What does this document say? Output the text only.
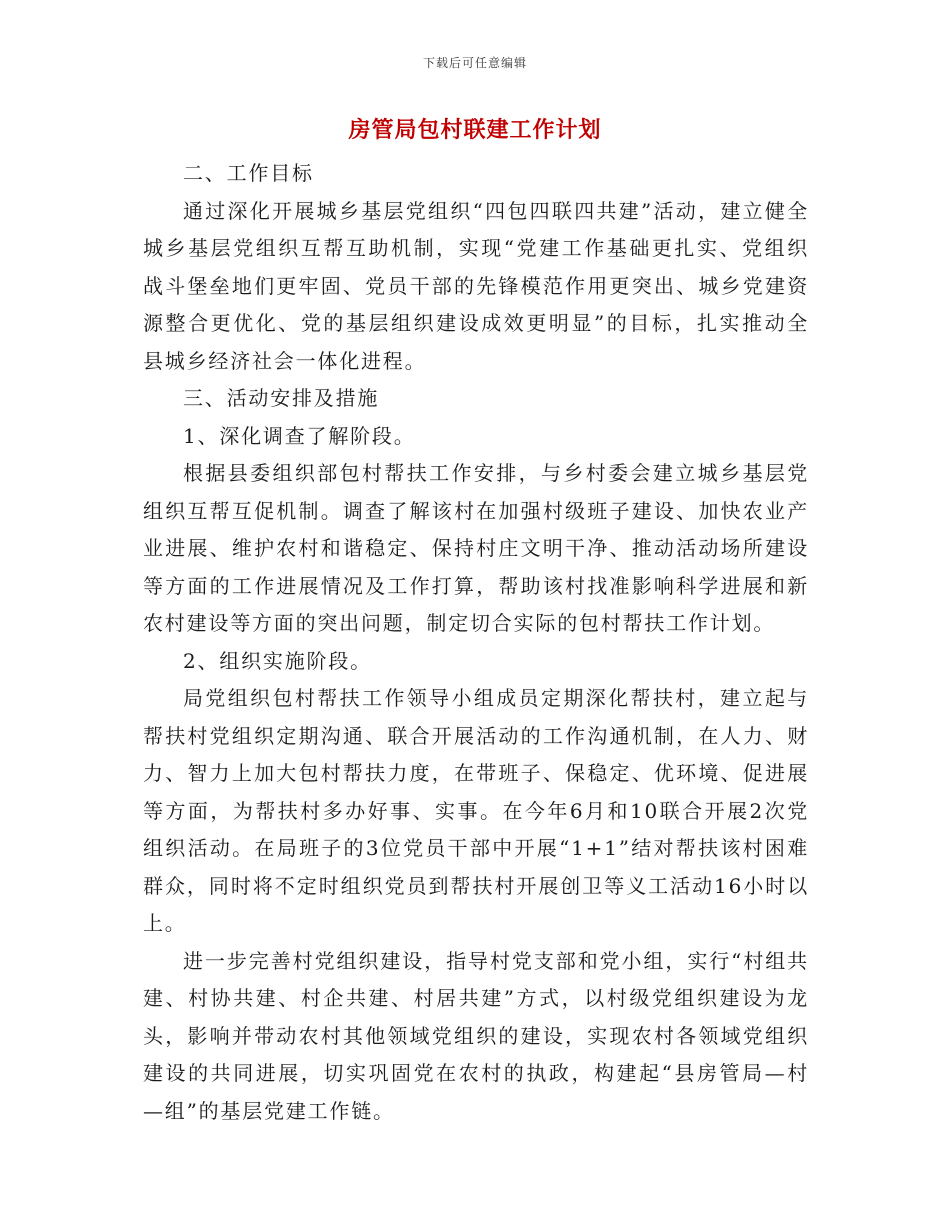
下载后可任意编辑
房管局包村联建工作计划

二、工作目标

通过深化开展城乡基层党组织“四包四联四共建”活动，建立健全城乡基层党组织互帮互助机制，实现“党建工作基础更扎实、党组织战斗堡垒地们更牢固、党员干部的先锋模范作用更突出、城乡党建资源整合更优化、党的基层组织建设成效更明显”的目标，扎实推动全县城乡经济社会一体化进程。

三、活动安排及措施

1、深化调查了解阶段。

根据县委组织部包村帮扶工作安排，与乡村委会建立城乡基层党组织互帮互促机制。调查了解该村在加强村级班子建设、加快农业产业进展、维护农村和谐稳定、保持村庄文明干净、推动活动场所建设等方面的工作进展情况及工作打算，帮助该村找准影响科学进展和新农村建设等方面的突出问题，制定切合实际的包村帮扶工作计划。

2、组织实施阶段。

局党组织包村帮扶工作领导小组成员定期深化帮扶村，建立起与帮扶村党组织定期沟通、联合开展活动的工作沟通机制，在人力、财力、智力上加大包村帮扶力度，在带班子、保稳定、优环境、促进展等方面，为帮扶村多办好事、实事。在今年6月和10联合开展2次党组织活动。在局班子的3位党员干部中开展“1+1”结对帮扶该村困难群众，同时将不定时组织党员到帮扶村开展创卫等义工活动16小时以上。

进一步完善村党组织建设，指导村党支部和党小组，实行“村组共建、村协共建、村企共建、村居共建”方式，以村级党组织建设为龙头，影响并带动农村其他领域党组织的建设，实现农村各领域党组织建设的共同进展，切实巩固党在农村的执政，构建起“县房管局—村—组”的基层党建工作链。
